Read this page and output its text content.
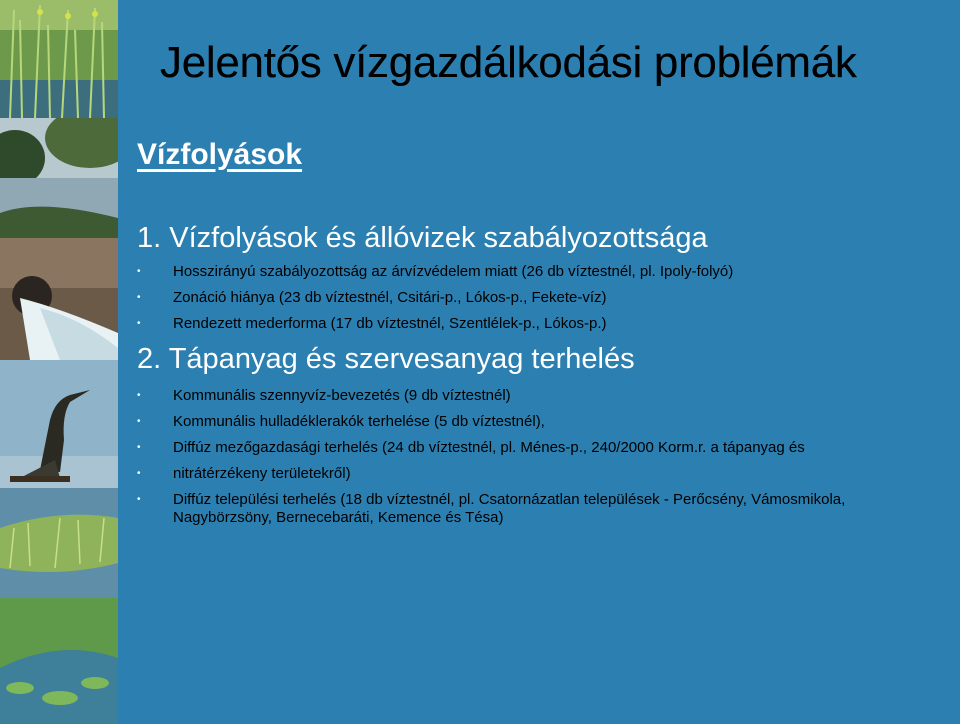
Jelentős vízgazdálkodási problémák
Vízfolyások
1. Vízfolyások és állóvizek szabályozottsága
• Hosszirányú szabályozottság az árvízvédelem miatt (26 db víztestnél, pl. Ipoly-folyó)
• Zonáció hiánya (23 db víztestnél, Csitári-p., Lókos-p., Fekete-víz)
• Rendezett mederforma (17 db víztestnél, Szentlélek-p., Lókos-p.)
2. Tápanyag és szervesanyag terhelés
• Kommunális szennyvíz-bevezetés (9 db víztestnél)
• Kommunális hulladéklerakók terhelése (5 db víztestnél),
• Diffúz mezőgazdasági terhelés (24 db víztestnél, pl. Ménes-p., 240/2000 Korm.r. a tápanyag és
• nitrátérzékeny területekről)
• Diffúz települési terhelés (18 db víztestnél, pl. Csatornázatlan települések - Perőcsény, Vámosmikola, Nagybörzsöny, Bernecebaráti, Kemence és Tésa)
